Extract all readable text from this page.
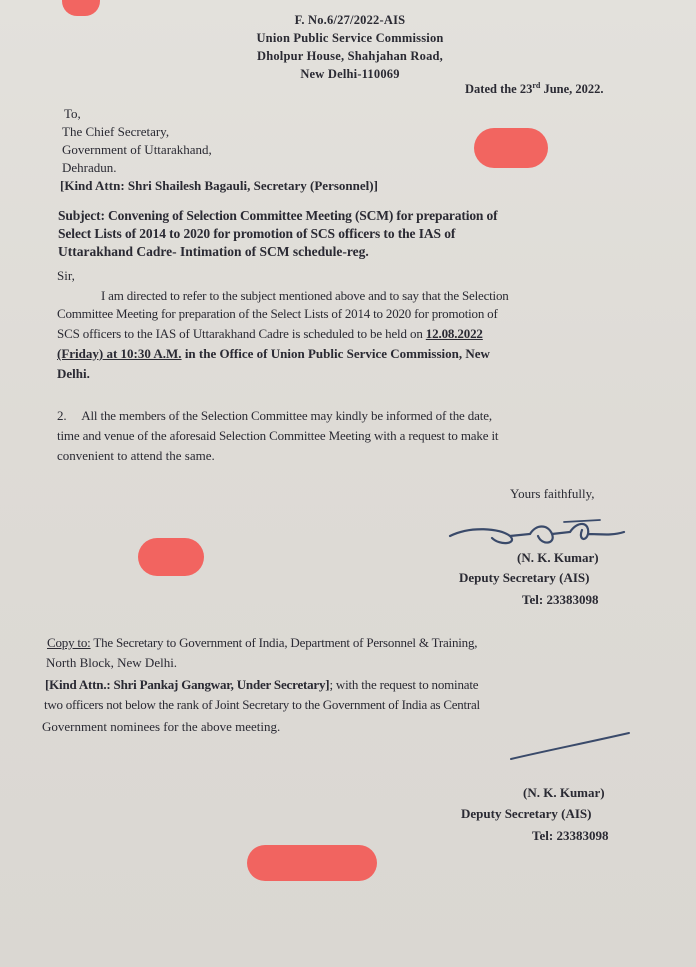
F. No.6/27/2022-AIS
Union Public Service Commission
Dholpur House, Shahjahan Road,
New Delhi-110069
Dated the 23rd June, 2022.
To,
The Chief Secretary,
Government of Uttarakhand,
Dehradun.
[Kind Attn: Shri Shailesh Bagauli, Secretary (Personnel)]
Subject: Convening of Selection Committee Meeting (SCM) for preparation of
Select Lists of 2014 to 2020 for promotion of SCS officers to the IAS of
Uttarakhand Cadre- Intimation of SCM schedule-reg.
Sir,
I am directed to refer to the subject mentioned above and to say that the Selection
Committee Meeting for preparation of the Select Lists of 2014 to 2020 for promotion of
SCS officers to the IAS of Uttarakhand Cadre is scheduled to be held on 12.08.2022
(Friday) at 10:30 A.M. in the Office of Union Public Service Commission, New
Delhi.
2.     All the members of the Selection Committee may kindly be informed of the date,
time and venue of the aforesaid Selection Committee Meeting with a request to make it
convenient to attend the same.
Yours faithfully,
(N. K. Kumar)
Deputy Secretary (AIS)
Tel: 23383098
Copy to: The Secretary to Government of India, Department of Personnel & Training,
North Block, New Delhi.
[Kind Attn.: Shri Pankaj Gangwar, Under Secretary]; with the request to nominate
two officers not below the rank of Joint Secretary to the Government of India as Central
Government nominees for the above meeting.
(N. K. Kumar)
Deputy Secretary (AIS)
Tel: 23383098
